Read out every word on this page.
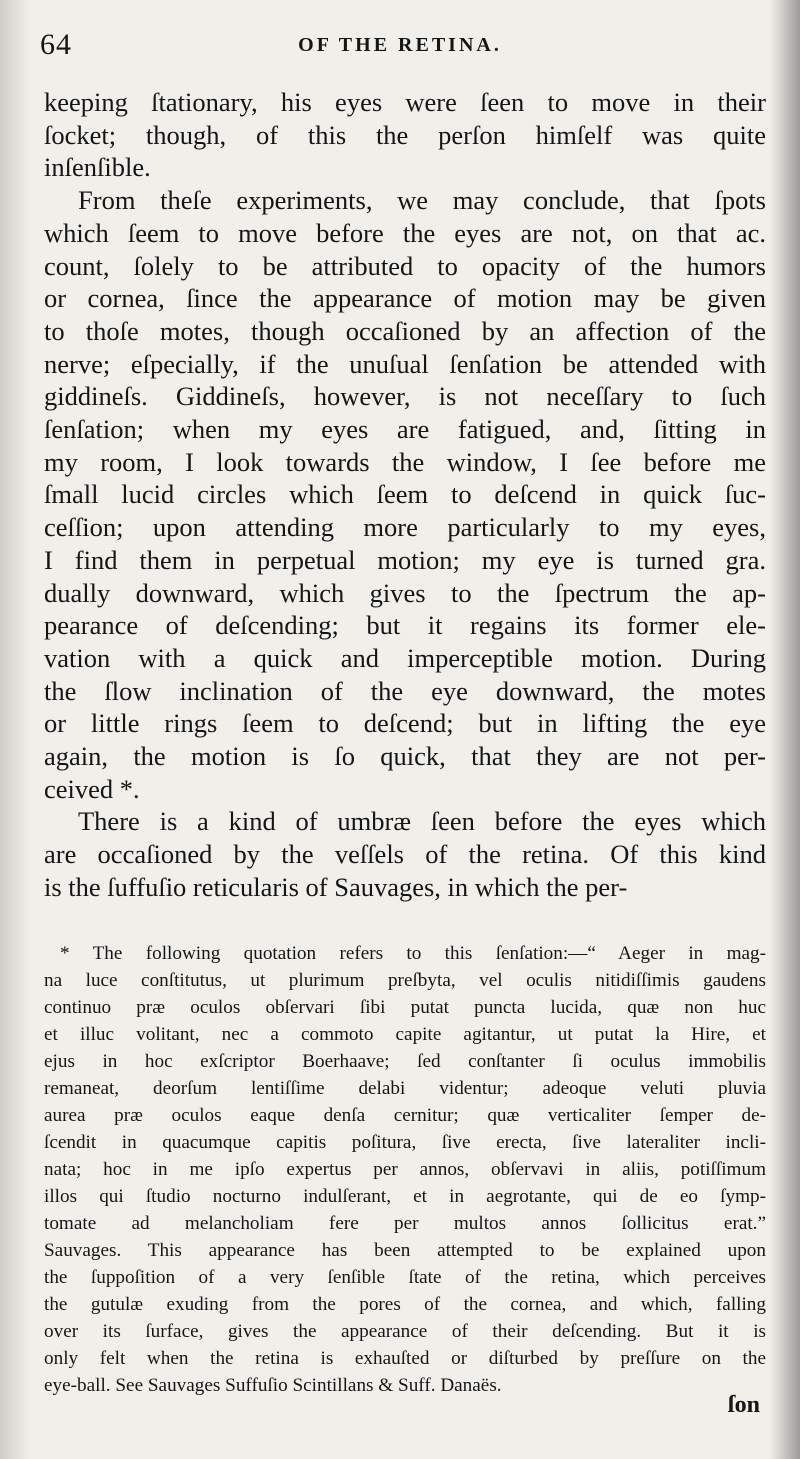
64	OF THE RETINA.
keeping ſtationary, his eyes were ſeen to move in their
ſocket; though, of this the perſon himſelf was quite
inſenſible.
From theſe experiments, we may conclude, that ſpots
which ſeem to move before the eyes are not, on that ac.
count, ſolely to be attributed to opacity of the humors
or cornea, ſince the appearance of motion may be given
to thoſe motes, though occaſioned by an affection of the
nerve; eſpecially, if the unuſual ſenſation be attended with
giddineſs. Giddineſs, however, is not neceſſary to ſuch
ſenſation; when my eyes are fatigued, and, ſitting in
my room, I look towards the window, I ſee before me
ſmall lucid circles which ſeem to deſcend in quick ſuc-
ceſſion; upon attending more particularly to my eyes,
I find them in perpetual motion; my eye is turned gra.
dually downward, which gives to the ſpectrum the ap-
pearance of deſcending; but it regains its former ele-
vation with a quick and imperceptible motion. During
the ſlow inclination of the eye downward, the motes
or little rings ſeem to deſcend; but in lifting the eye
again, the motion is ſo quick, that they are not per-
ceived *.
There is a kind of umbræ ſeen before the eyes which
are occaſioned by the veſſels of the retina. Of this kind
is the ſuffuſio reticularis of Sauvages, in which the per-
* The following quotation refers to this ſenſation:—“ Aeger in mag-
na luce conſtitutus, ut plurimum preſbyta, vel oculis nitidiſſimis gaudens
continuo præ oculos obſervari ſibi putat puncta lucida, quæ non huc
et illuc volitant, nec a commoto capite agitantur, ut putat la Hire, et
ejus in hoc exſcriptor Boerhaave; ſed conſtanter ſi oculus immobilis
remaneat, deorſum lentiſſime delabi videntur; adeoque veluti pluvia
aurea præ oculos eaque denſa cernitur; quæ verticaliter ſemper de-
ſcendit in quacumque capitis poſitura, ſive erecta, ſive lateraliter incli-
nata; hoc in me ipſo expertus per annos, obſervavi in aliis, potiſſimum
illos qui ſtudio nocturno indulſerant, et in aegrotante, qui de eo ſymp-
tomate ad melancholiam fere per multos annos ſollicitus erat.”
Sauvages. This appearance has been attempted to be explained upon
the ſuppoſition of a very ſenſible ſtate of the retina, which perceives
the gutulæ exuding from the pores of the cornea, and which, falling
over its ſurface, gives the appearance of their deſcending. But it is
only felt when the retina is exhauſted or diſturbed by preſſure on the
eye-ball. See Sauvages Suffuſio Scintillans & Suff. Danaës.
ſon
